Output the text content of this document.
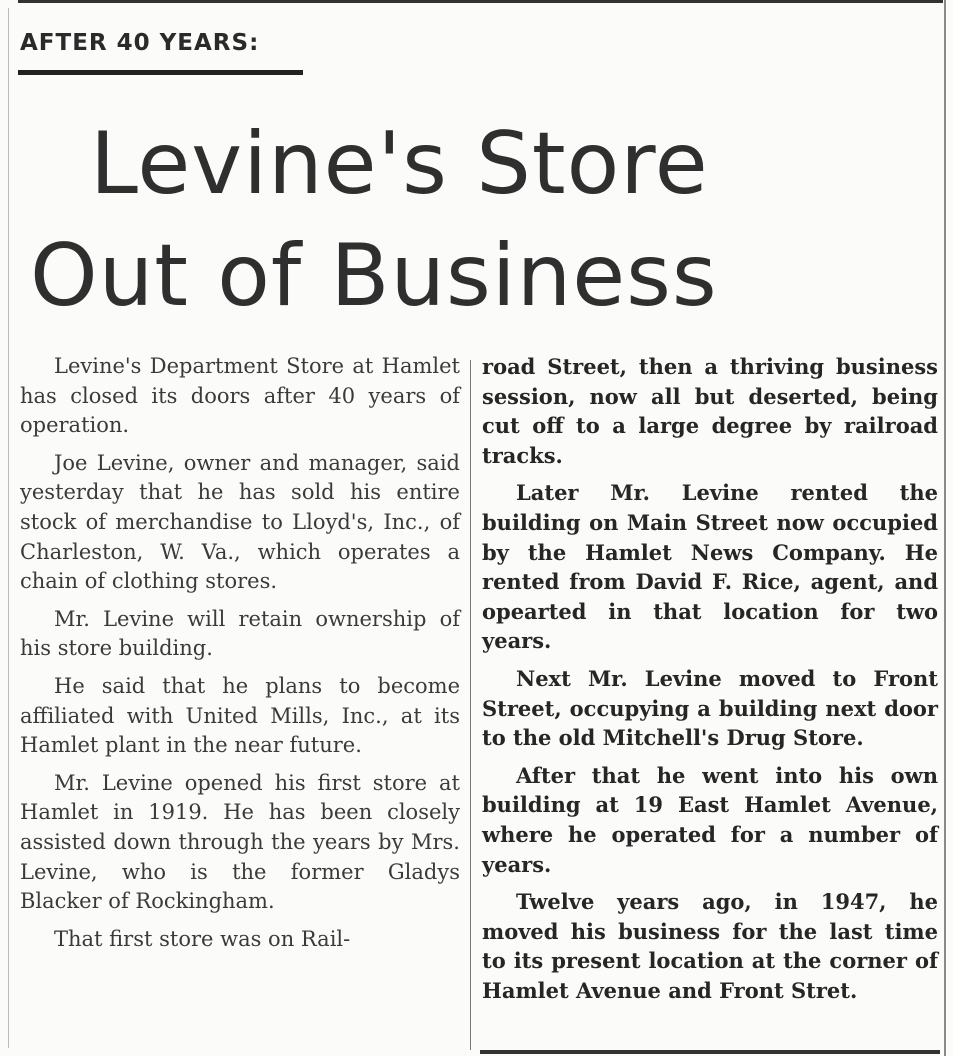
AFTER 40 YEARS:
Levine's Store
Out of Business

Levine's Department Store at Hamlet has closed its doors after 40 years of operation.

Joe Levine, owner and manager, said yesterday that he has sold his entire stock of merchandise to Lloyd's, Inc., of Charleston, W. Va., which operates a chain of clothing stores.

Mr. Levine will retain ownership of his store building.

He said that he plans to become affiliated with United Mills, Inc., at its Hamlet plant in the near future.

Mr. Levine opened his first store at Hamlet in 1919. He has been closely assisted down through the years by Mrs. Levine, who is the former Gladys Blacker of Rockingham.

That first store was on Rail-

road Street, then a thriving business session, now all but deserted, being cut off to a large degree by railroad tracks.

Later Mr. Levine rented the building on Main Street now occupied by the Hamlet News Company. He rented from David F. Rice, agent, and opearted in that location for two years.

Next Mr. Levine moved to Front Street, occupying a building next door to the old Mitchell's Drug Store.

After that he went into his own building at 19 East Hamlet Avenue, where he operated for a number of years.

Twelve years ago, in 1947, he moved his business for the last time to its present location at the corner of Hamlet Avenue and Front Stret.
